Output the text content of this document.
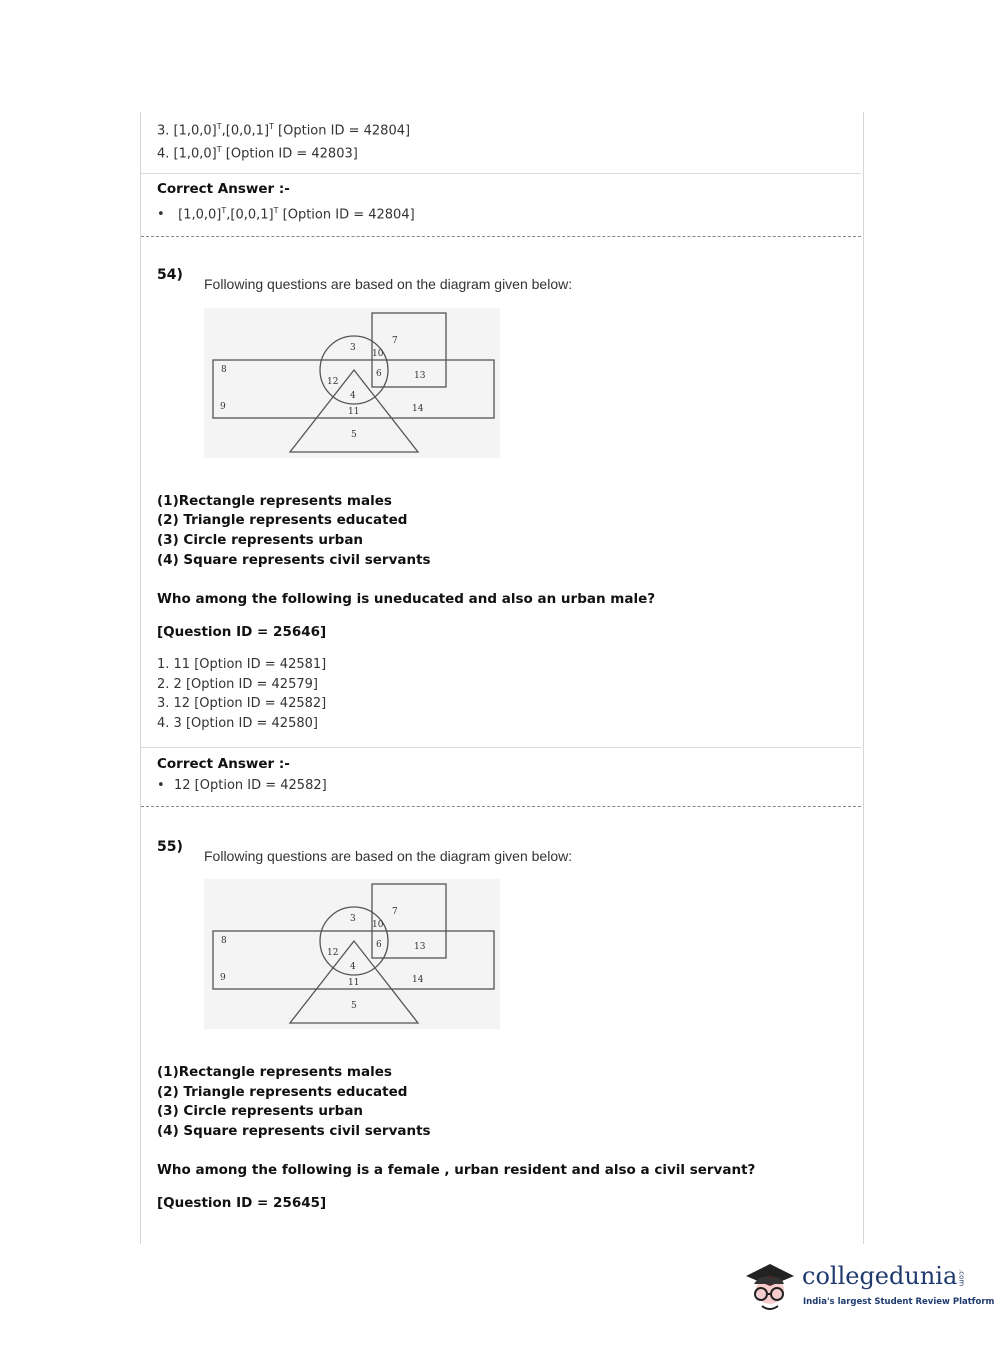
3. $[1,0,0]^T,[0,0,1]^T$ [Option ID = 42804]
4. $[1,0,0]^T$ [Option ID = 42803]
Correct Answer :-
• $[1,0,0]^T,[0,0,1]^T$ [Option ID = 42804]
54)
Following questions are based on the diagram given below:
3
10
7
8	6	13
12
4
9	11	14
5
(1)Rectangle represents males
(2) Triangle represents educated
(3) Circle represents urban
(4) Square represents civil servants
Who among the following is uneducated and also an urban male?
[Question ID = 25646]
1. 11 [Option ID = 42581]
2. 2 [Option ID = 42579]
3. 12 [Option ID = 42582]
4. 3 [Option ID = 42580]
Correct Answer :-
• 12 [Option ID = 42582]
55)
Following questions are based on the diagram given below:
3
10
7
8	6	13
12
4
9	11	14
5
(1)Rectangle represents males
(2) Triangle represents educated
(3) Circle represents urban
(4) Square represents civil servants
Who among the following is a female , urban resident and also a civil servant?
[Question ID = 25645]
collegedunia.com
India's largest Student Review Platform
